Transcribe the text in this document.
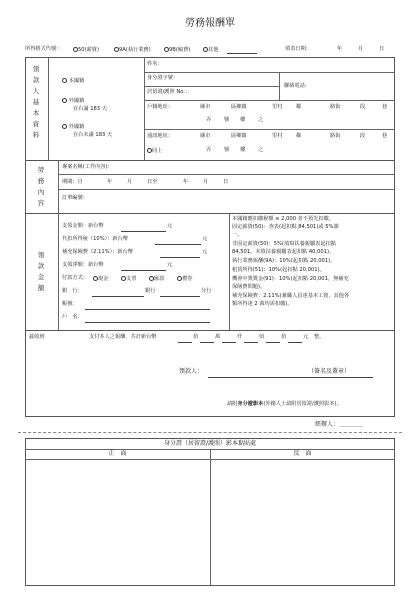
勞務報酬單
所得格式代號：	50(薪資)	9A(執行業務)	9B(稿費)	其他	填表日期：	年	月	日
領款人基本資料
本國籍
外國籍
在台滿 183 天
外國籍
在台未滿 183 天
姓名：
身分證字號：
居留證/護照 No.：
聯絡電話：
戶籍地址：	縣市	區鄉鎮	里村	鄰	路街	段	巷
弄 號 樓 之
通訊地址：	縣市	區鄉鎮	里村	鄰	路街	段	巷
同上	弄 號 樓 之
勞務內容
專案名稱(工作內容)：
期間：自	年	月	日至	年	月	日
訂單編號：
領款金額
支領金額：新台幣	元
代扣所得稅（10%）：新台幣	元
補充保險費（2.11%）：新台幣	元
支領淨額：新台幣	元
付款方式：	現金	支票	匯款	禮券
銀　行：	銀行	分行
帳號：
戶　名：
本國籍應扣繳稅額 ≤ 2,000 者不預先扣繳。
固定薪資(50)：查表(起扣點 84,501)或 5%課
一。
非固定薪資(50)：5%(填寫扶養親屬表起扣點
84,501，未填扶養親屬表起扣點 40,001)。
執行業務報酬(9A)：10%(起扣點 20,001)。
租賃所得(51)：10%(起扣點 20,001)。
機會中獎獎金(91)：10%(起扣點 20,001，無補充
保險費問題)。
補充保險費：2.11%(兼職人員達基本工資，其他各
類所得達 2 萬均需扣繳)。
茲收到	支付本人之報酬，共計新台幣	拾	萬	仟	佰	拾	元 整。
領款人：	（簽名及蓋章）
請附身分證影本(外籍人士請附居留證/護照影本)。
經辦人：＿＿＿＿
身分證（居留證/護照）影本黏貼處
正　面	反　面
